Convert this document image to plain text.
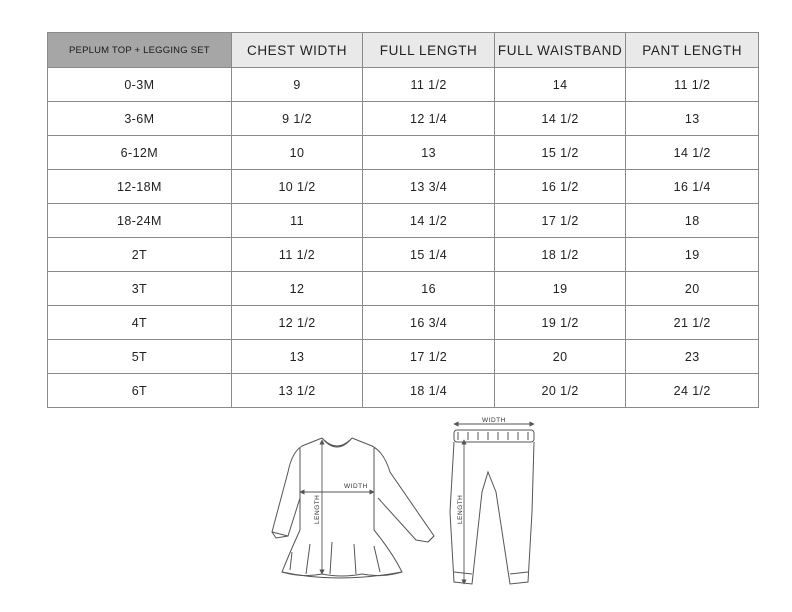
PEPLUM TOP + LEGGING SET	CHEST WIDTH	FULL LENGTH	FULL WAISTBAND	PANT LENGTH
0-3M	9	11 1/2	14	11 1/2
3-6M	9 1/2	12 1/4	14 1/2	13
6-12M	10	13	15 1/2	14 1/2
12-18M	10 1/2	13 3/4	16 1/2	16 1/4
18-24M	11	14 1/2	17 1/2	18
2T	11 1/2	15 1/4	18 1/2	19
3T	12	16	19	20
4T	12 1/2	16 3/4	19 1/2	21 1/2
5T	13	17 1/2	20	23
6T	13 1/2	18 1/4	20 1/2	24 1/2
WIDTH
LENGTH
WIDTH
LENGTH
